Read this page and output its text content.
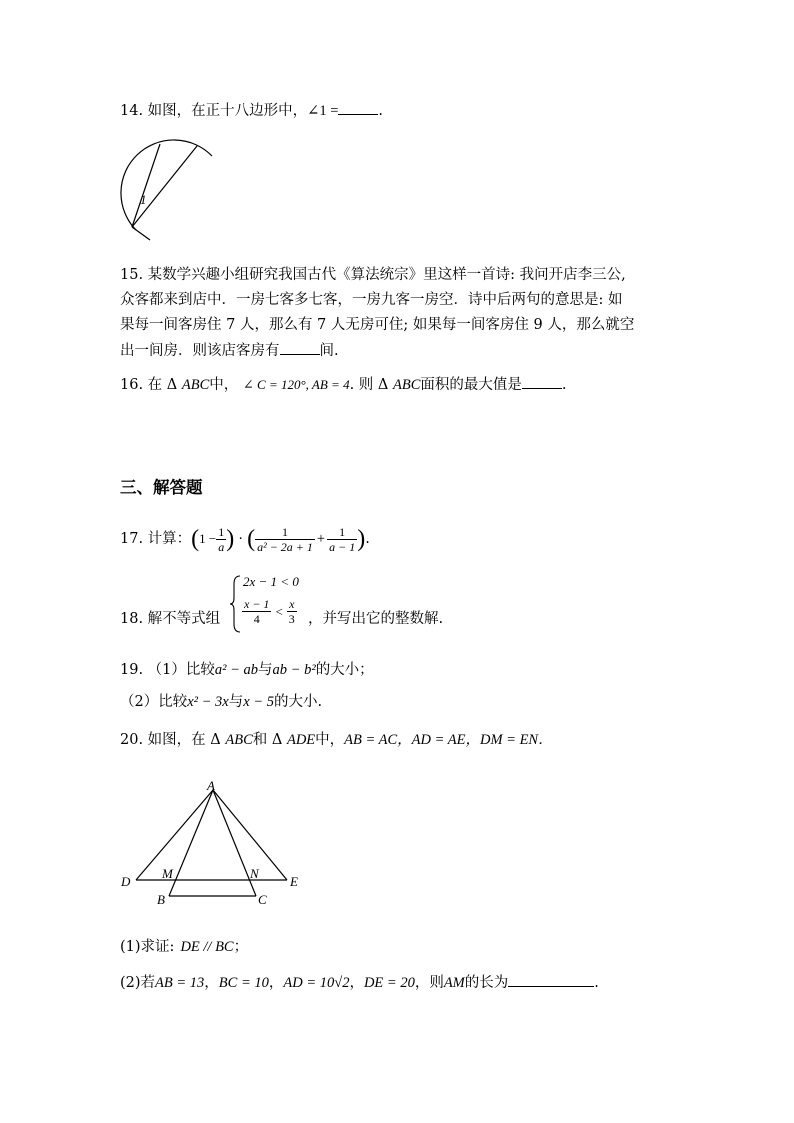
14. 如图，在正十八边形中，∠1 =	.
1
15. 某数学兴趣小组研究我国古代《算法统宗》里这样一首诗: 我问开店李三公,
众客都来到店中．一房七客多七客，一房九客一房空．诗中后两句的意思是: 如
果每一间客房住 7 人，那么有 7 人无房可住; 如果每一间客房住 9 人，那么就空
出一间房．则该店客房有	间.
16. 在 Δ ABC中， ∠ C = 120°, AB = 4. 则 Δ ABC面积的最大值是	.
三、解答题
17.
计算： ( $1 - \frac{1}{a}$ ) · ( $\frac{1}{\text{a² − 2a + 1}} + \frac{1}{a - 1}$ ) .
18. 解不等式组
2x − 1 < 0
$\frac{x - 1}{4} < \frac{x}{3}$ ，并写出它的整数解.
19. （1）比较a² − ab与ab − b²的大小；
（2）比较x² − 3x与x − 5的大小.
20. 如图，在 Δ ABC和 Δ ADE中，AB = AC，AD = AE，DM = EN．
A
D	E
M	N
B	C
(1)求证: DE // BC；
(2)若AB = 13，BC = 10，AD = 10√2，DE = 20，则AM的长为	.
